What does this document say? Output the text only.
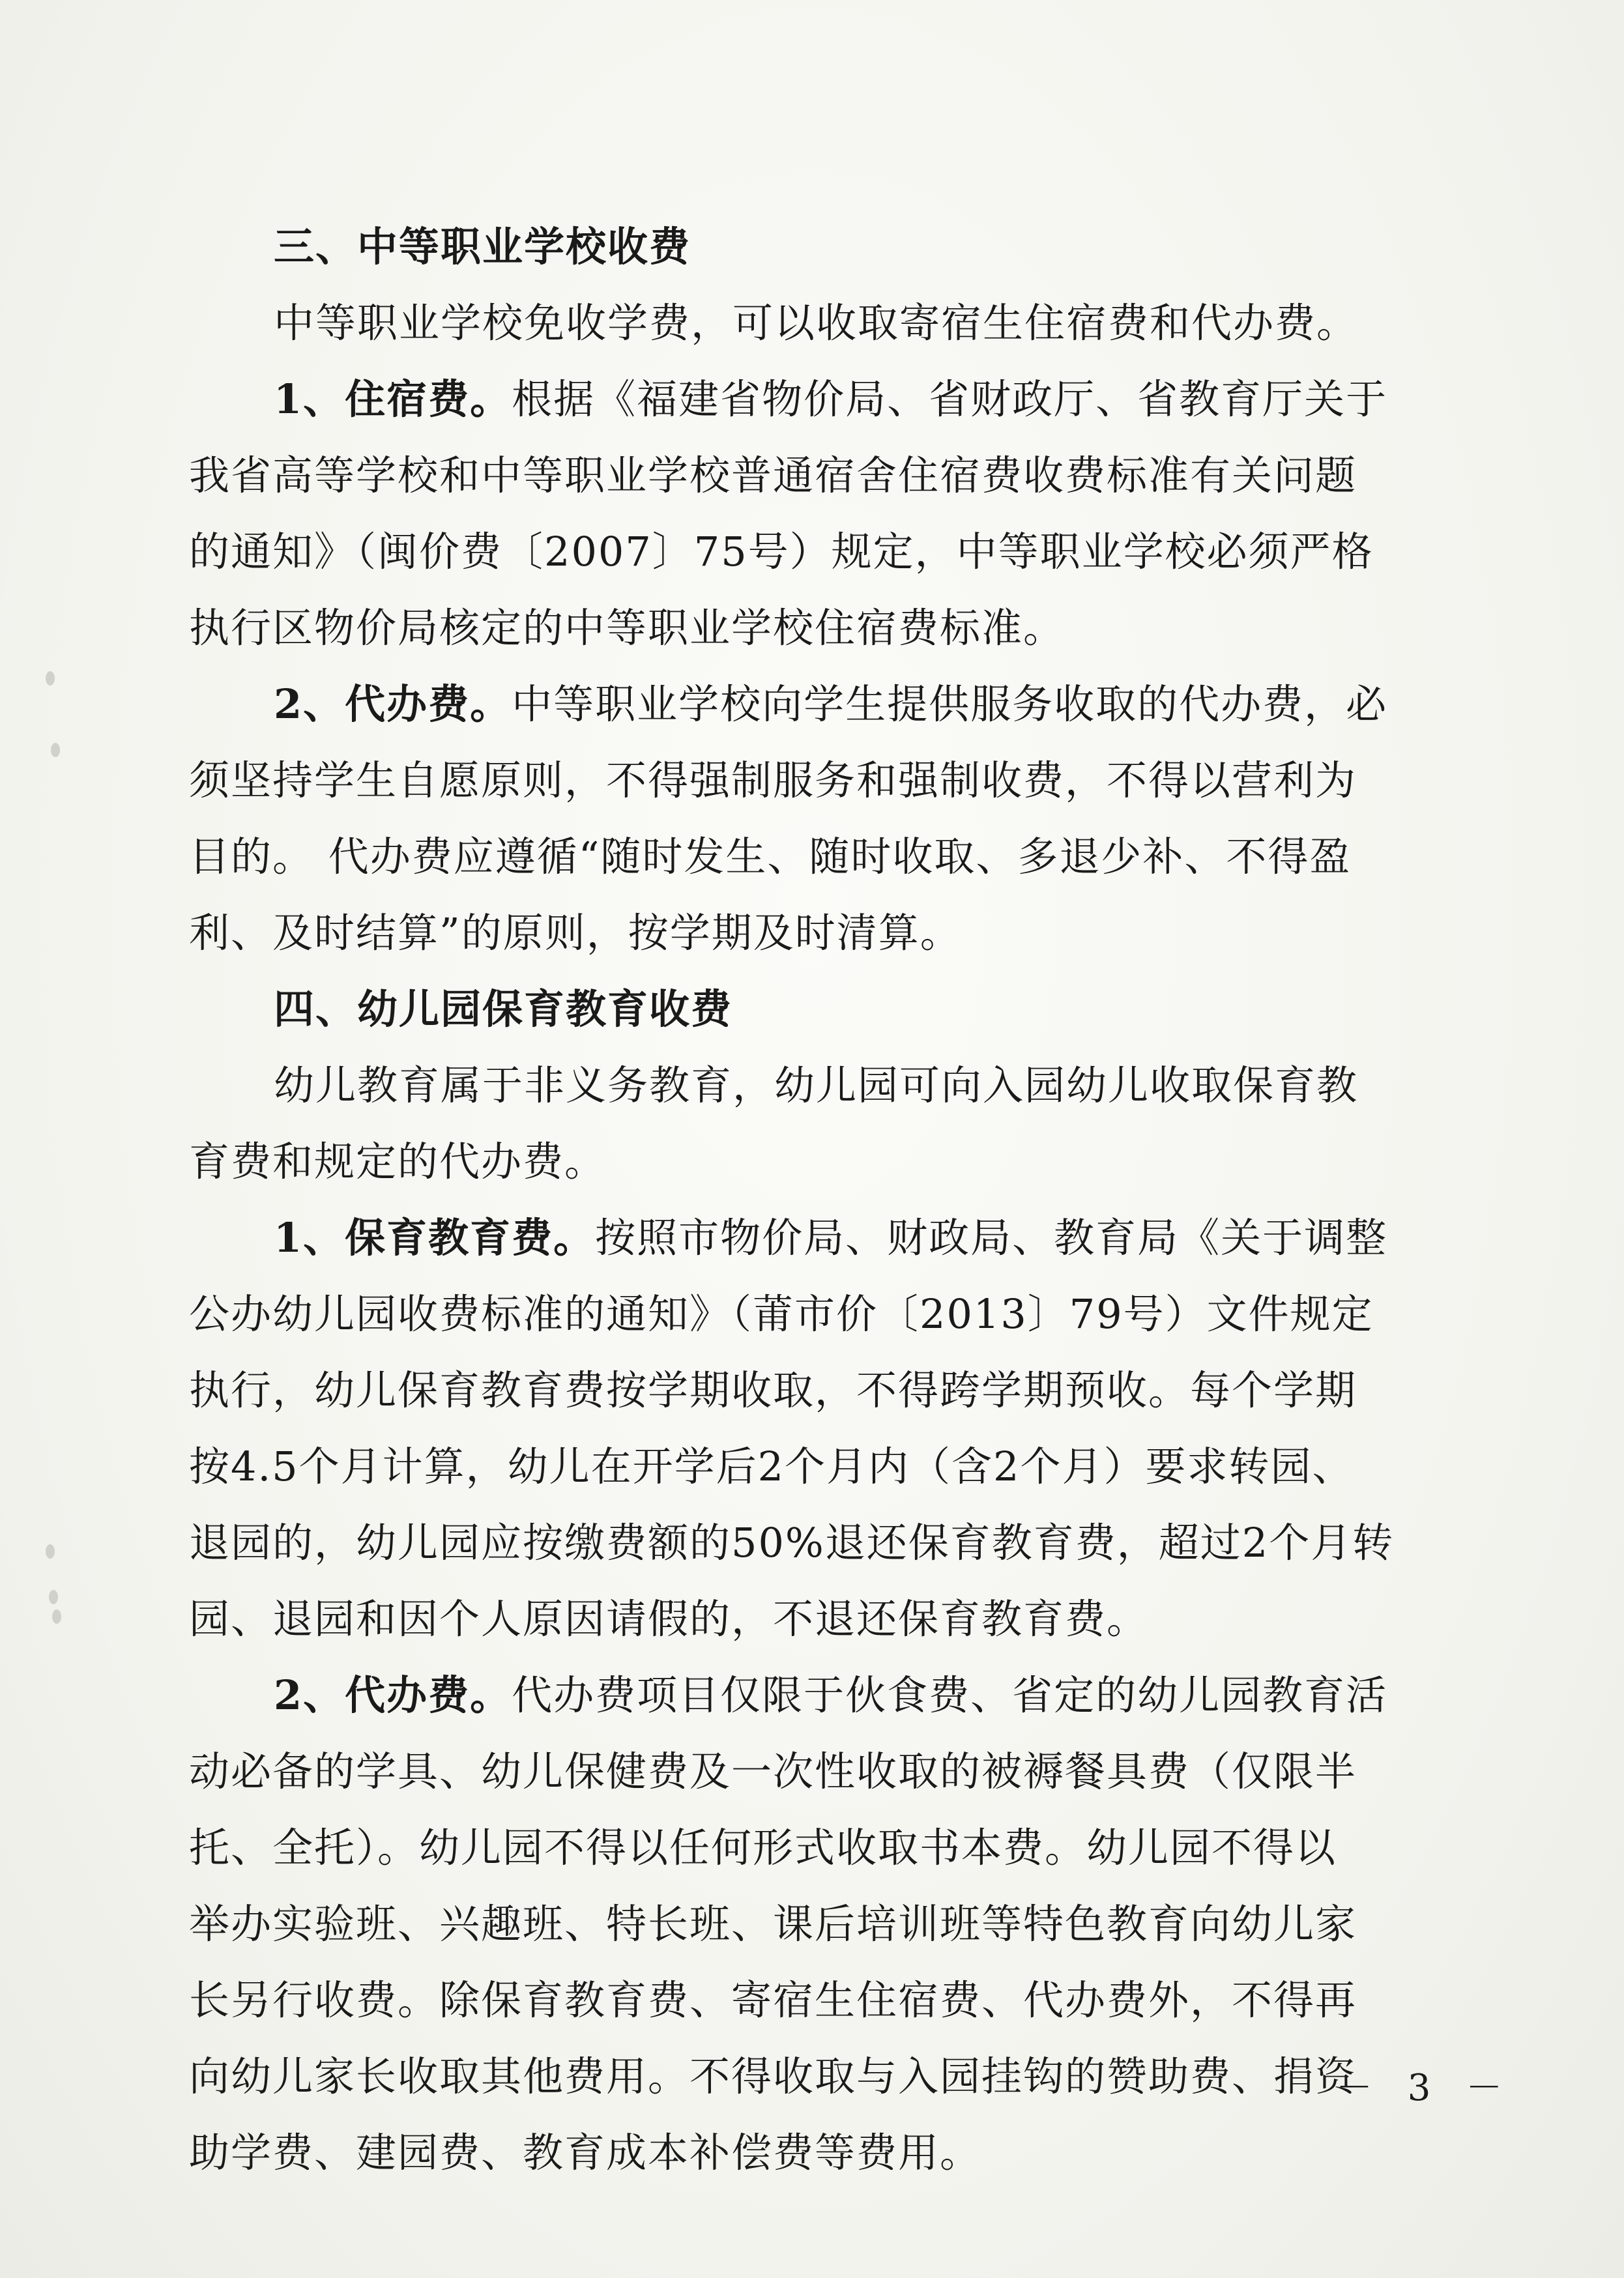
三、中等职业学校收费
中等职业学校免收学费，可以收取寄宿生住宿费和代办费。
1、住宿费。根据《福建省物价局、省财政厅、省教育厅关于
我省高等学校和中等职业学校普通宿舍住宿费收费标准有关问题
的通知》（闽价费〔2007〕75号）规定，中等职业学校必须严格
执行区物价局核定的中等职业学校住宿费标准。
2、代办费。中等职业学校向学生提供服务收取的代办费，必
须坚持学生自愿原则，不得强制服务和强制收费，不得以营利为
目的。 代办费应遵循“随时发生、随时收取、多退少补、不得盈
利、及时结算”的原则，按学期及时清算。
四、幼儿园保育教育收费
幼儿教育属于非义务教育，幼儿园可向入园幼儿收取保育教
育费和规定的代办费。
1、保育教育费。按照市物价局、财政局、教育局《关于调整
公办幼儿园收费标准的通知》（莆市价〔2013〕79号）文件规定
执行，幼儿保育教育费按学期收取，不得跨学期预收。每个学期
按4.5个月计算，幼儿在开学后2个月内（含2个月）要求转园、
退园的，幼儿园应按缴费额的50%退还保育教育费，超过2个月转
园、退园和因个人原因请假的，不退还保育教育费。
2、代办费。代办费项目仅限于伙食费、省定的幼儿园教育活
动必备的学具、幼儿保健费及一次性收取的被褥餐具费（仅限半
托、全托）。幼儿园不得以任何形式收取书本费。幼儿园不得以
举办实验班、兴趣班、特长班、课后培训班等特色教育向幼儿家
长另行收费。除保育教育费、寄宿生住宿费、代办费外，不得再
向幼儿家长收取其他费用。不得收取与入园挂钩的赞助费、捐资
助学费、建园费、教育成本补偿费等费用。
－ 3 －
